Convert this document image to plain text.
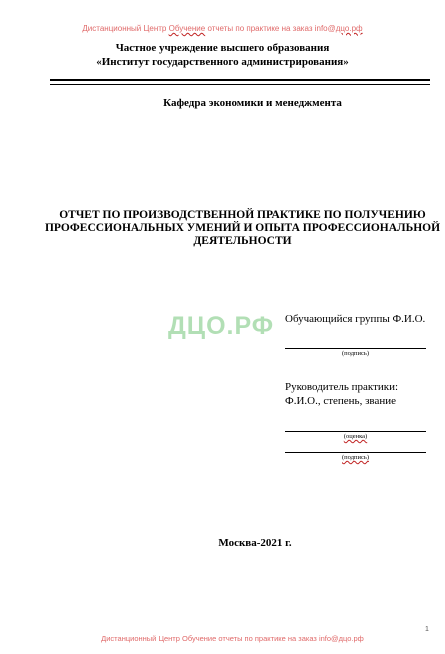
Дистанционный Центр Обучение отчеты по практике на заказ info@дцо.рф
Частное учреждение высшего образования
«Институт государственного администрирования»
Кафедра экономики и менеджмента
ОТЧЕТ ПО ПРОИЗВОДСТВЕННОЙ ПРАКТИКЕ ПО ПОЛУЧЕНИЮ ПРОФЕССИОНАЛЬНЫХ УМЕНИЙ И ОПЫТА ПРОФЕССИОНАЛЬНОЙ ДЕЯТЕЛЬНОСТИ
ДЦО.РФ Обучающийся группы Ф.И.О.
(подпись)
Руководитель практики:
Ф.И.О., степень, звание
(оценка)
(подпись)
Москва-2021 г.
1
Дистанционный Центр Обучение отчеты по практике на заказ info@дцо.рф
